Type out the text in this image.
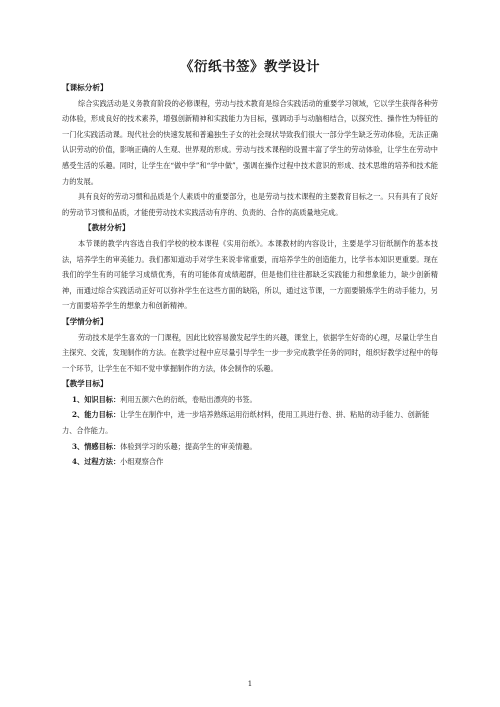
《衍纸书签》教学设计
【课标分析】

综合实践活动是义务教育阶段的必修课程，劳动与技术教育是综合实践活动的重要学习领域，它以学生获得各种劳动体验，形成良好的技术素养，增强创新精神和实践能力为目标，强调动手与动脑相结合，以探究性、操作性为特征的一门化实践活动课。现代社会的快速发展和普遍独生子女的社会现状导致我们很大一部分学生缺乏劳动体验，无法正确认识劳动的价值，影响正确的人生观、世界观的形成。劳动与技术课程的设置丰富了学生的劳动体验，让学生在劳动中感受生活的乐趣。同时，让学生在“做中学”和“学中做”，强调在操作过程中技术意识的形成、技术思维的培养和技术能力的发展。

具有良好的劳动习惯和品质是个人素质中的重要部分，也是劳动与技术课程的主要教育目标之一。只有具有了良好的劳动节习惯和品质，才能使劳动技术实践活动有序的、负责的、合作的高质量地完成。

【教材分析】

本节课的教学内容选自我们学校的校本课程《实用衍纸》。本课教材的内容设计，主要是学习衍纸制作的基本技法，培养学生的审美能力。我们都知道动手对学生来说非常重要，而培养学生的创造能力，比学书本知识更重要。现在我们的学生有的可能学习成绩优秀，有的可能体育成绩超群，但是他们往往都缺乏实践能力和想象能力，缺少创新精神，而通过综合实践活动正好可以弥补学生在这些方面的缺陷，所以，通过这节课，一方面要锻炼学生的动手能力，另一方面要培养学生的想象力和创新精神。

【学情分析】

劳动技术是学生喜欢的一门课程，因此比较容易激发起学生的兴趣，课堂上，依据学生好奇的心理，尽量让学生自主探究、交流，发现制作的方法。在教学过程中应尽量引导学生一步一步完成教学任务的同时，组织好教学过程中的每一个环节，让学生在不知不觉中掌握制作的方法，体会制作的乐趣。

【教学目标】

1、知识目标：利用五颜六色的衍纸，卷贴出漂亮的书签。

2、能力目标：让学生在制作中，进一步培养熟练运用衍纸材料，使用工具进行卷、拼、粘贴的动手能力、创新能力、合作能力。

3、情感目标：体验到学习的乐趣；提高学生的审美情趣。

4、过程方法：小组观察合作

1
